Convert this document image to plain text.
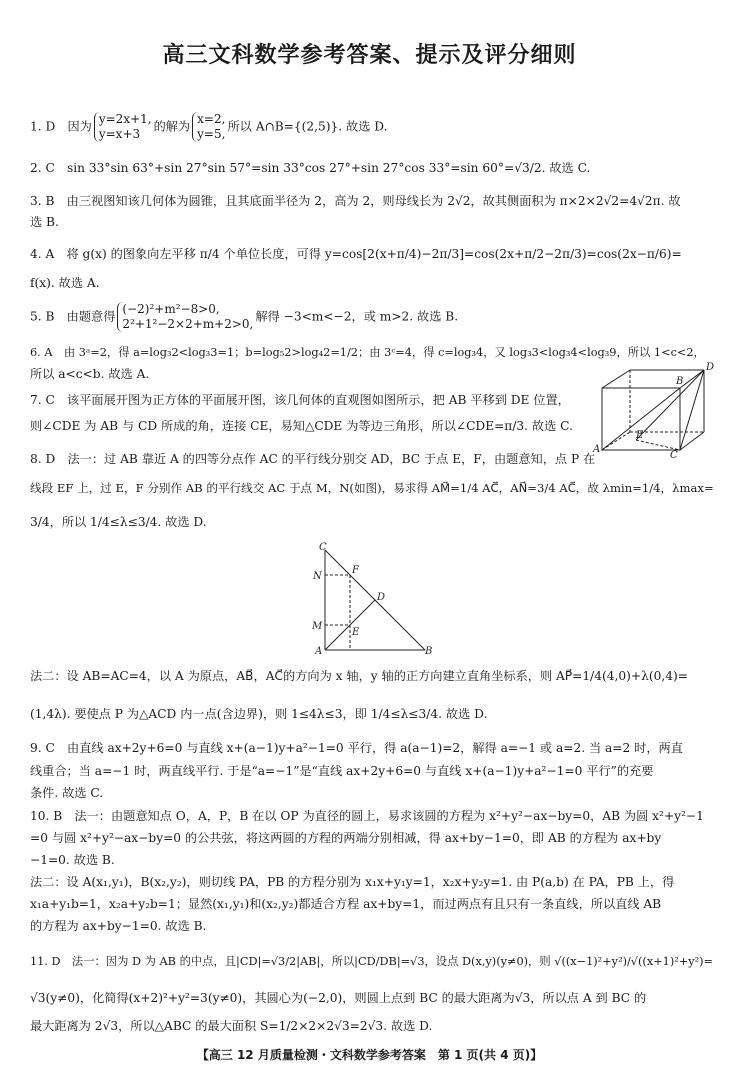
高三文科数学参考答案、提示及评分细则
1. D　因为
y=2x+1,
y=x+3
的解为
x=2,
y=5,
所以 A∩B={(2,5)}. 故选 D.
2. C　sin 33°sin 63°+sin 27°sin 57°=sin 33°cos 27°+sin 27°cos 33°=sin 60°=√3/2. 故选 C.
3. B　由三视图知该几何体为圆锥，且其底面半径为 2，高为 2，则母线长为 2√2，故其侧面积为 π×2×2√2=4√2π. 故
选 B.
4. A　将 g(x) 的图象向左平移 π/4 个单位长度，可得 y=cos[2(x+π/4)−2π/3]=cos(2x+π/2−2π/3)=cos(2x−π/6)=
f(x). 故选 A.
5. B　由题意得
(−2)²+m²−8>0,
2²+1²−2×2+m+2>0,
解得 −3<m<−2，或 m>2. 故选 B.
6. A　由 3ᵃ=2，得 a=log₃2<log₃3=1；b=log₅2>log₄2=1/2；由 3ᶜ=4，得 c=log₃4，又 log₃3<log₃4<log₃9，所以 1<c<2，
所以 a<c<b. 故选 A.
7. C　该平面展开图为正方体的平面展开图，该几何体的直观图如图所示，把 AB 平移到 DE 位置，
则∠CDE 为 AB 与 CD 所成的角，连接 CE，易知△CDE 为等边三角形，所以∠CDE=π/3. 故选 C.
B
D
E
A
C
8. D　法一：过 AB 靠近 A 的四等分点作 AC 的平行线分别交 AD，BC 于点 E，F，由题意知，点 P 在
线段 EF 上，过 E，F 分别作 AB 的平行线交 AC 于点 M，N(如图)，易求得 AM⃗=1/4 AC⃗，AN⃗=3/4 AC⃗，故 λmin=1/4，λmax=
3/4，所以 1/4≤λ≤3/4. 故选 D.
C
N
F
D
M
E
A	B
法二：设 AB=AC=4，以 A 为原点，AB⃗，AC⃗的方向为 x 轴，y 轴的正方向建立直角坐标系，则 AP⃗=1/4(4,0)+λ(0,4)=
(1,4λ). 要使点 P 为△ACD 内一点(含边界)，则 1≤4λ≤3，即 1/4≤λ≤3/4. 故选 D.
9. C　由直线 ax+2y+6=0 与直线 x+(a−1)y+a²−1=0 平行，得 a(a−1)=2，解得 a=−1 或 a=2. 当 a=2 时，两直
线重合；当 a=−1 时，两直线平行. 于是“a=−1”是“直线 ax+2y+6=0 与直线 x+(a−1)y+a²−1=0 平行”的充要
条件. 故选 C.
10. B　法一：由题意知点 O，A，P，B 在以 OP 为直径的圆上，易求该圆的方程为 x²+y²−ax−by=0，AB 为圆 x²+y²−1
=0 与圆 x²+y²−ax−by=0 的公共弦，将这两圆的方程的两端分别相减，得 ax+by−1=0，即 AB 的方程为 ax+by
−1=0. 故选 B.
法二：设 A(x₁,y₁)，B(x₂,y₂)，则切线 PA，PB 的方程分别为 x₁x+y₁y=1，x₂x+y₂y=1. 由 P(a,b) 在 PA，PB 上，得
x₁a+y₁b=1，x₂a+y₂b=1；显然(x₁,y₁)和(x₂,y₂)都适合方程 ax+by=1，而过两点有且只有一条直线，所以直线 AB
的方程为 ax+by−1=0. 故选 B.
11. D　法一：因为 D 为 AB 的中点，且|CD|=√3/2|AB|，所以|CD/DB|=√3，设点 D(x,y)(y≠0)，则 √((x−1)²+y²)/√((x+1)²+y²)=
√3(y≠0)，化简得(x+2)²+y²=3(y≠0)，其圆心为(−2,0)，则圆上点到 BC 的最大距离为√3，所以点 A 到 BC 的
最大距离为 2√3，所以△ABC 的最大面积 S=1/2×2×2√3=2√3. 故选 D.
【高三 12 月质量检测・文科数学参考答案　第 1 页(共 4 页)】
